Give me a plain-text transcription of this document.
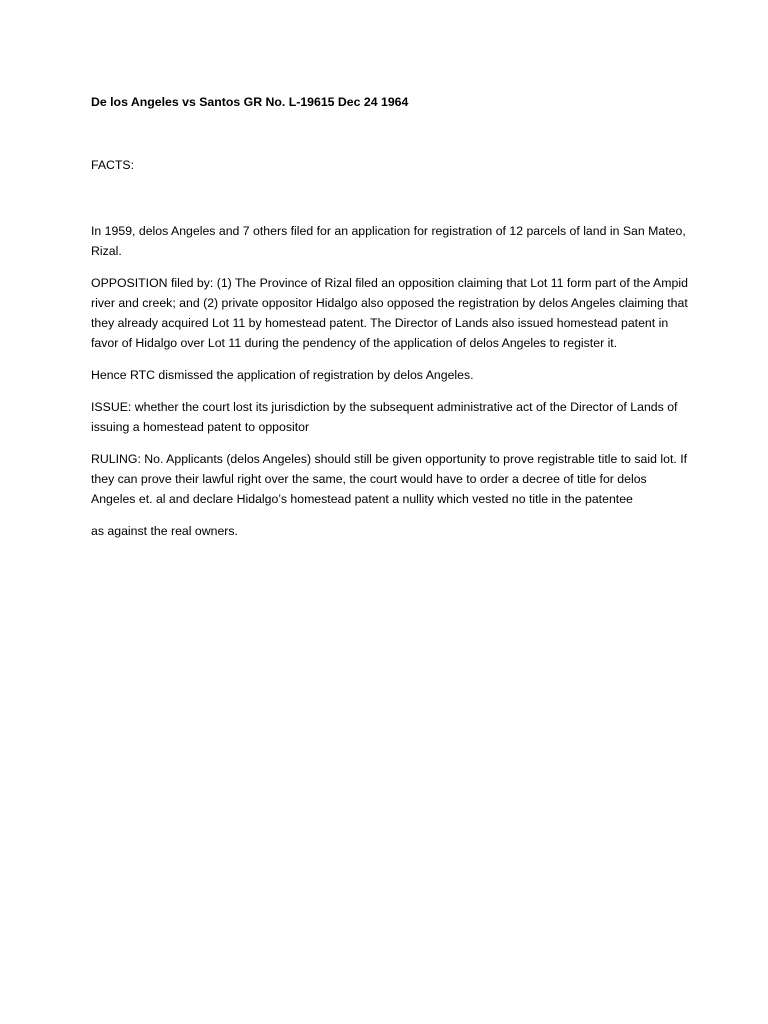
De los Angeles vs Santos GR No. L-19615 Dec 24 1964

FACTS:

In 1959, delos Angeles and 7 others filed for an application for registration of 12 parcels of land in San Mateo, Rizal.

OPPOSITION filed by: (1) The Province of Rizal filed an opposition claiming that Lot 11 form part of the Ampid river and creek; and (2) private oppositor Hidalgo also opposed the registration by delos Angeles claiming that they already acquired Lot 11 by homestead patent. The Director of Lands also issued homestead patent in favor of Hidalgo over Lot 11 during the pendency of the application of delos Angeles to register it.

Hence RTC dismissed the application of registration by delos Angeles.

ISSUE: whether the court lost its jurisdiction by the subsequent administrative act of the Director of Lands of issuing a homestead patent to oppositor

RULING: No. Applicants (delos Angeles) should still be given opportunity to prove registrable title to said lot. If they can prove their lawful right over the same, the court would have to order a decree of title for delos Angeles et. al and declare Hidalgo’s homestead patent a nullity which vested no title in the patentee

as against the real owners.
